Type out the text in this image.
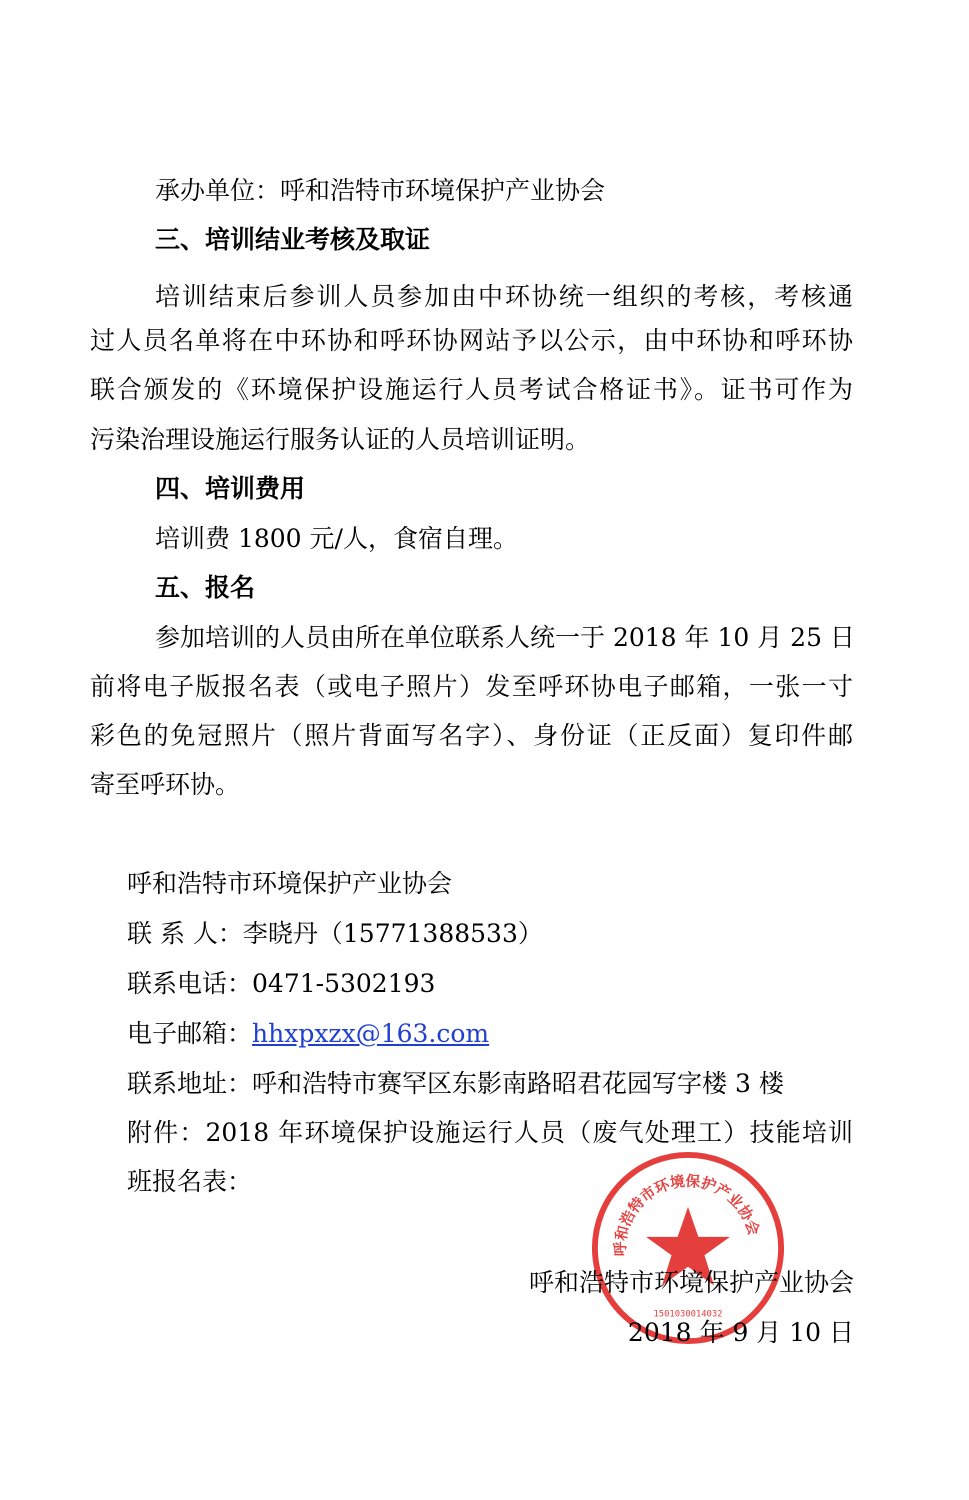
承办单位：呼和浩特市环境保护产业协会
三、培训结业考核及取证
培训结束后参训人员参加由中环协统一组织的考核，考核通
过人员名单将在中环协和呼环协网站予以公示，由中环协和呼环协
联合颁发的《环境保护设施运行人员考试合格证书》。证书可作为
污染治理设施运行服务认证的人员培训证明。
四、培训费用
培训费 1800 元/人，食宿自理。
五、报名
参加培训的人员由所在单位联系人统一于 2018 年 10 月 25 日
前将电子版报名表（或电子照片）发至呼环协电子邮箱，一张一寸
彩色的免冠照片（照片背面写名字）、身份证（正反面）复印件邮
寄至呼环协。
呼和浩特市环境保护产业协会
联 系 人：李晓丹（15771388533）
联系电话：0471-5302193
电子邮箱：hhxpxzx@163.com
联系地址：呼和浩特市赛罕区东影南路昭君花园写字楼 3 楼
附件：2018 年环境保护设施运行人员（废气处理工）技能培训
班报名表：
呼和浩特市环境保护产业协会
1501030014032
呼和浩特市环境保护产业协会
2018 年 9 月 10 日
